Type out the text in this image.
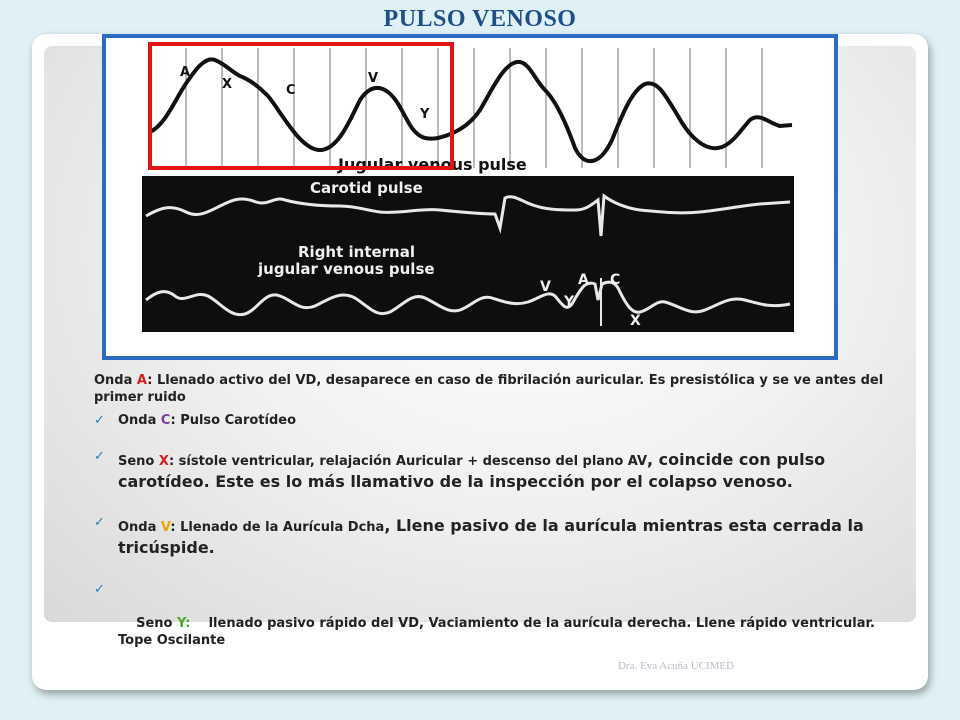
PULSO VENOSO
A
X	C
V
Y
Jugular venous pulse
Carotid pulse
Right internal
jugular venous pulse
V A C
Y
X
Onda A: Llenado activo del VD, desaparece en caso de fibrilación auricular. Es presistólica y se ve antes del primer ruido
✓ Onda C: Pulso Carotídeo
✓ Seno X: sístole ventricular, relajación Auricular + descenso del plano AV, coincide con pulso carotídeo. Este es lo más llamativo de la inspección por el colapso venoso.
✓ Onda V: Llenado de la Aurícula Dcha, Llene pasivo de la aurícula mientras esta cerrada la tricúspide.

✓

Seno Y:    llenado pasivo rápido del VD, Vaciamiento de la aurícula derecha. Llene rápido ventricular.  Tope Oscilante

Dra. Eva Acuña UCIMED
